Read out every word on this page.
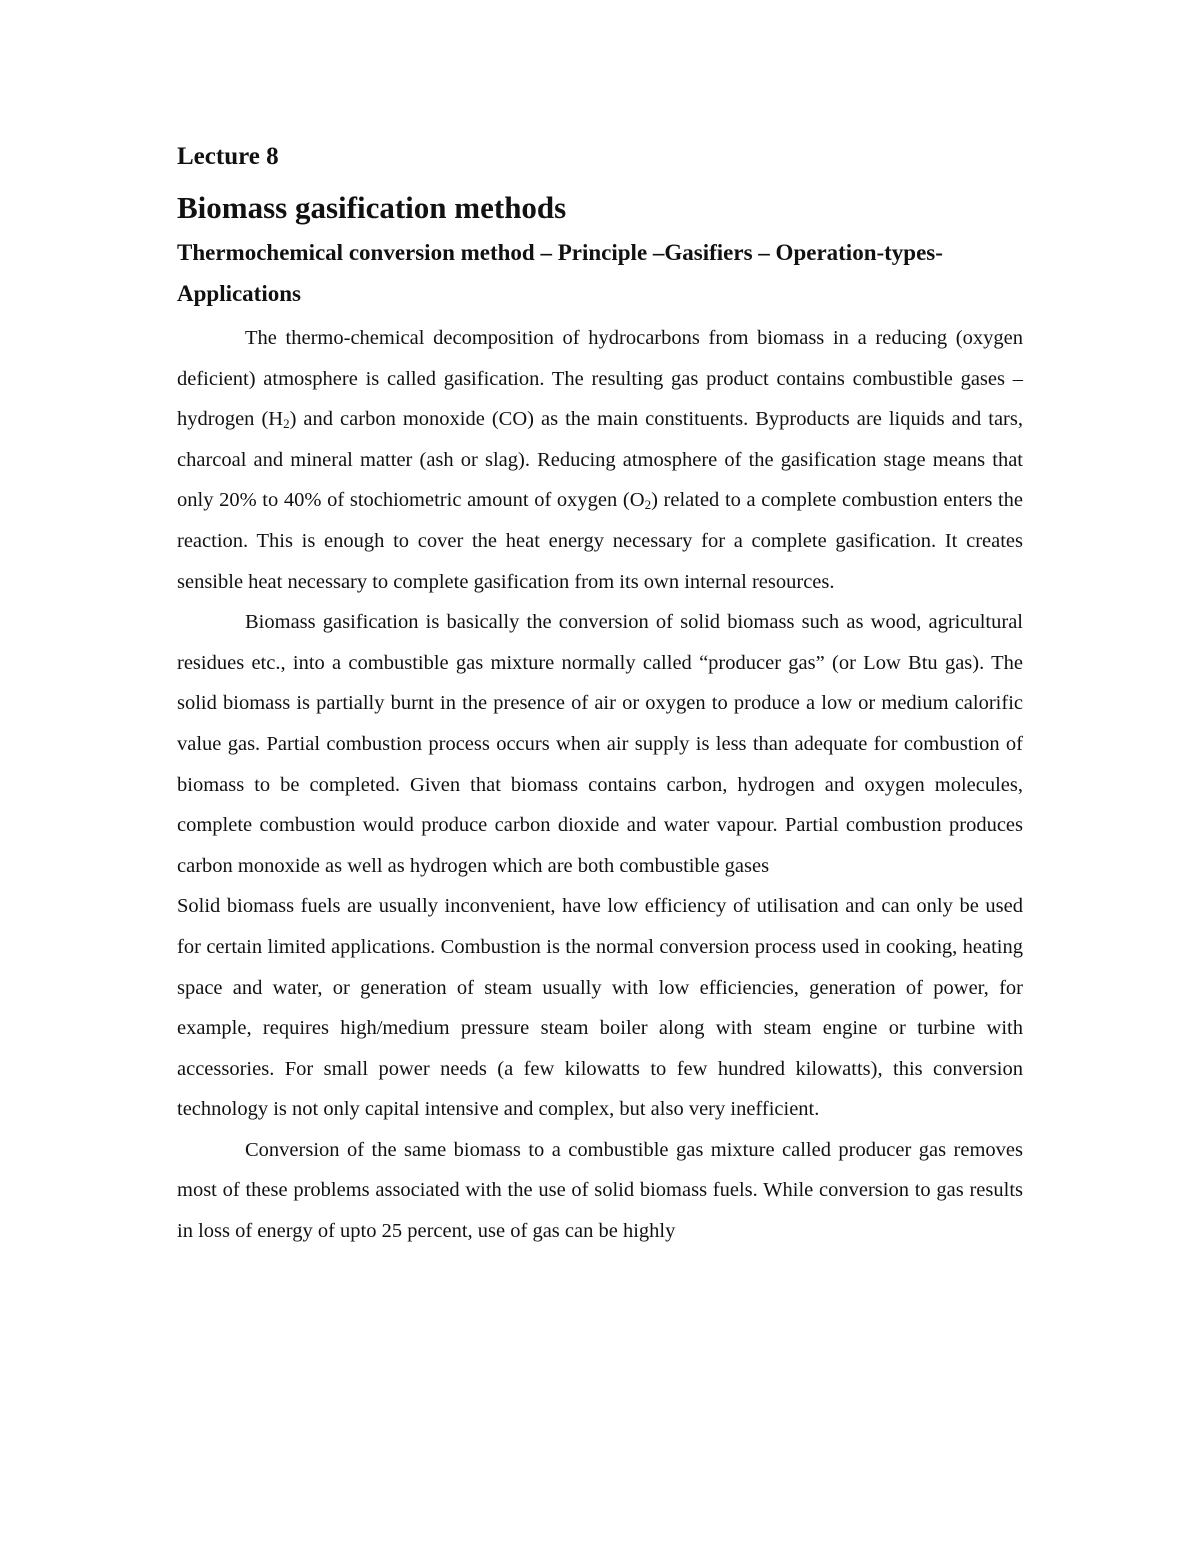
Lecture 8
Biomass gasification methods
Thermochemical conversion method – Principle –Gasifiers – Operation-types-Applications

The thermo-chemical decomposition of hydrocarbons from biomass in a reducing (oxygen deficient) atmosphere is called gasification. The resulting gas product contains combustible gases – hydrogen $(H_2)$ and carbon monoxide (CO) as the main constituents. Byproducts are liquids and tars, charcoal and mineral matter (ash or slag). Reducing atmosphere of the gasification stage means that only 20% to 40% of stochiometric amount of oxygen $(O_2)$ related to a complete combustion enters the reaction. This is enough to cover the heat energy necessary for a complete gasification. It creates sensible heat necessary to complete gasification from its own internal resources.

Biomass gasification is basically the conversion of solid biomass such as wood, agricultural residues etc., into a combustible gas mixture normally called “producer gas” (or Low Btu gas). The solid biomass is partially burnt in the presence of air or oxygen to produce a low or medium calorific value gas. Partial combustion process occurs when air supply is less than adequate for combustion of biomass to be completed. Given that biomass contains carbon, hydrogen and oxygen molecules, complete combustion would produce carbon dioxide and water vapour. Partial combustion produces carbon monoxide as well as hydrogen which are both combustible gases

Solid biomass fuels are usually inconvenient, have low efficiency of utilisation and can only be used for certain limited applications. Combustion is the normal conversion process used in cooking, heating space and water, or generation of steam usually with low efficiencies, generation of power, for example, requires high/medium pressure steam boiler along with steam engine or turbine with accessories. For small power needs (a few kilowatts to few hundred kilowatts), this conversion technology is not only capital intensive and complex, but also very inefficient.

Conversion of the same biomass to a combustible gas mixture called producer gas removes most of these problems associated with the use of solid biomass fuels. While conversion to gas results in loss of energy of upto 25 percent, use of gas can be highly
